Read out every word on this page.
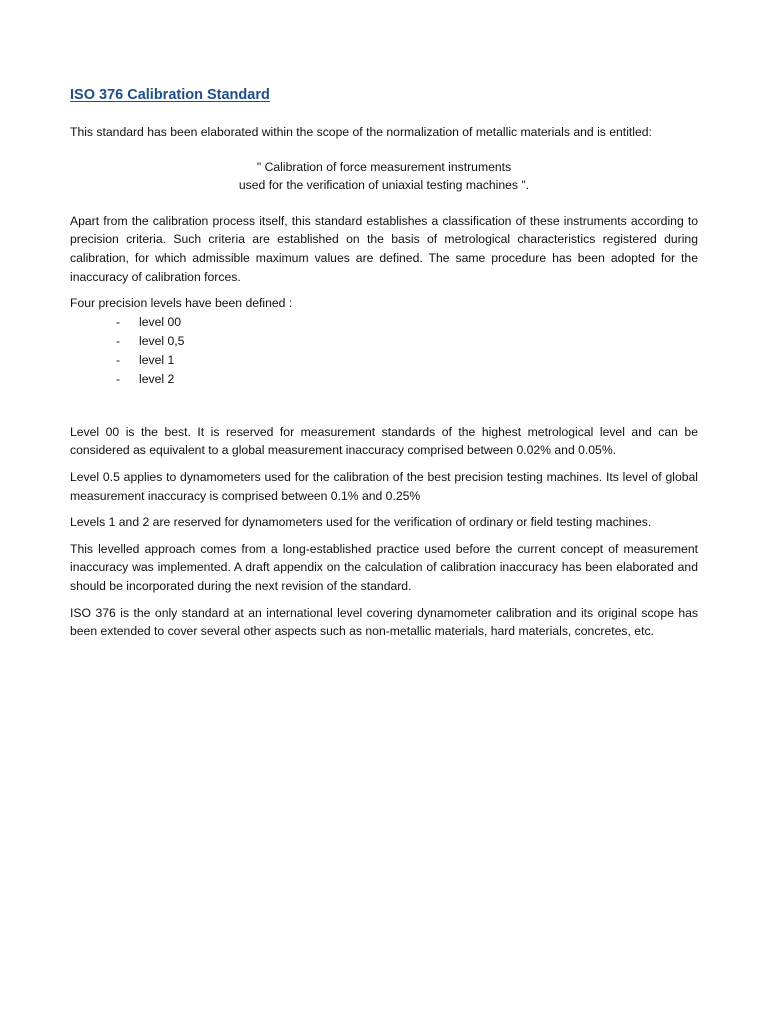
ISO 376 Calibration Standard

This standard has been elaborated within the scope of the normalization of metallic materials and is entitled:

" Calibration of force measurement instruments
used for the verification of uniaxial testing machines ".

Apart from the calibration process itself, this standard establishes a classification of these instruments according to precision criteria. Such criteria are established on the basis of metrological characteristics registered during calibration, for which admissible maximum values are defined. The same procedure has been adopted for the inaccuracy of calibration forces.

Four precision levels have been defined :

- level 00
- level 0,5
- level 1
- level 2

Level 00 is the best. It is reserved for measurement standards of the highest metrological level and can be considered as equivalent to a global measurement inaccuracy comprised between 0.02% and 0.05%.

Level 0.5 applies to dynamometers used for the calibration of the best precision testing machines. Its level of global measurement inaccuracy is comprised between 0.1% and 0.25%

Levels 1 and 2 are reserved for dynamometers used for the verification of ordinary or field testing machines.

This levelled approach comes from a long-established practice used before the current concept of measurement inaccuracy was implemented. A draft appendix on the calculation of calibration inaccuracy has been elaborated and should be incorporated during the next revision of the standard.

ISO 376 is the only standard at an international level covering dynamometer calibration and its original scope has been extended to cover several other aspects such as non-metallic materials, hard materials, concretes, etc.
